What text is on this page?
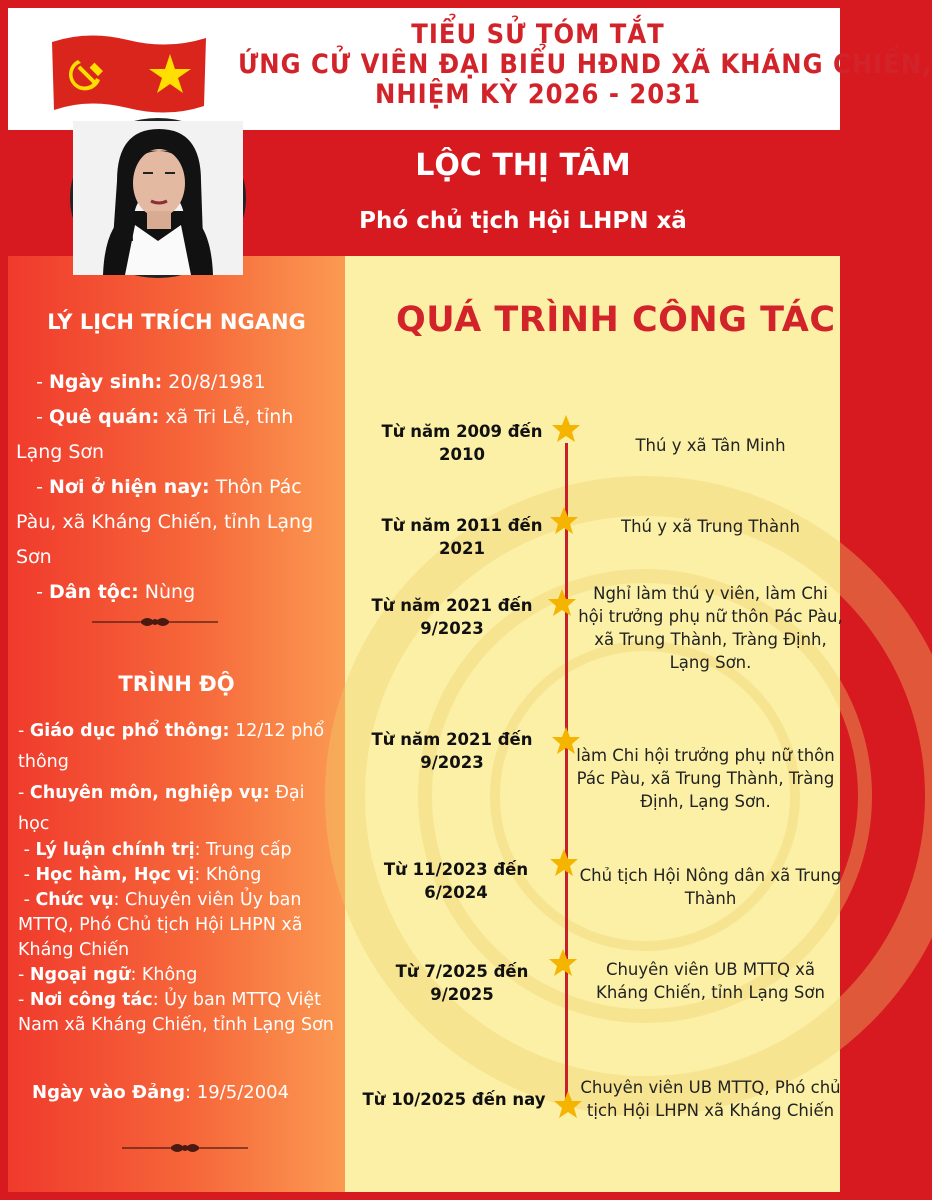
TIỂU SỬ TÓM TẮT
ỨNG CỬ VIÊN ĐẠI BIỂU HĐND XÃ KHÁNG CHIẾN,
NHIỆM KỲ 2026 - 2031
LỘC THỊ TÂM
Phó chủ tịch Hội LHPN xã
LÝ LỊCH TRÍCH NGANG
- Ngày sinh: 20/8/1981
- Quê quán: xã Tri Lễ, tỉnh Lạng Sơn
- Nơi ở hiện nay: Thôn Pác Pàu, xã Kháng Chiến, tỉnh Lạng Sơn
- Dân tộc: Nùng
TRÌNH ĐỘ
- Giáo dục phổ thông: 12/12 phổ thông
- Chuyên môn, nghiệp vụ: Đại học
- Lý luận chính trị: Trung cấp
- Học hàm, Học vị: Không
- Chức vụ: Chuyên viên Ủy ban MTTQ, Phó Chủ tịch Hội LHPN xã Kháng Chiến
- Ngoại ngữ: Không
- Nơi công tác: Ủy ban MTTQ Việt Nam xã Kháng Chiến, tỉnh Lạng Sơn
Ngày vào Đảng: 19/5/2004
QUÁ TRÌNH CÔNG TÁC
Từ năm 2009 đến 2010	Thú y xã Tân Minh
Từ năm 2011 đến 2021
Thú y xã Trung Thành
Từ năm 2021 đến 9/2023
Nghỉ làm thú y viên, làm Chi hội trưởng phụ nữ thôn Pác Pàu, xã Trung Thành, Tràng Định, Lạng Sơn.
Từ năm 2021 đến 9/2023	làm Chi hội trưởng phụ nữ thôn Pác Pàu, xã Trung Thành, Tràng Định, Lạng Sơn.
Từ 11/2023 đến 6/2024
Chủ tịch Hội Nông dân xã Trung Thành
Từ 7/2025 đến 9/2025
Chuyên viên UB MTTQ xã Kháng Chiến, tỉnh Lạng Sơn
Từ 10/2025 đến nay
Chuyên viên UB MTTQ, Phó chủ tịch Hội LHPN xã Kháng Chiến
